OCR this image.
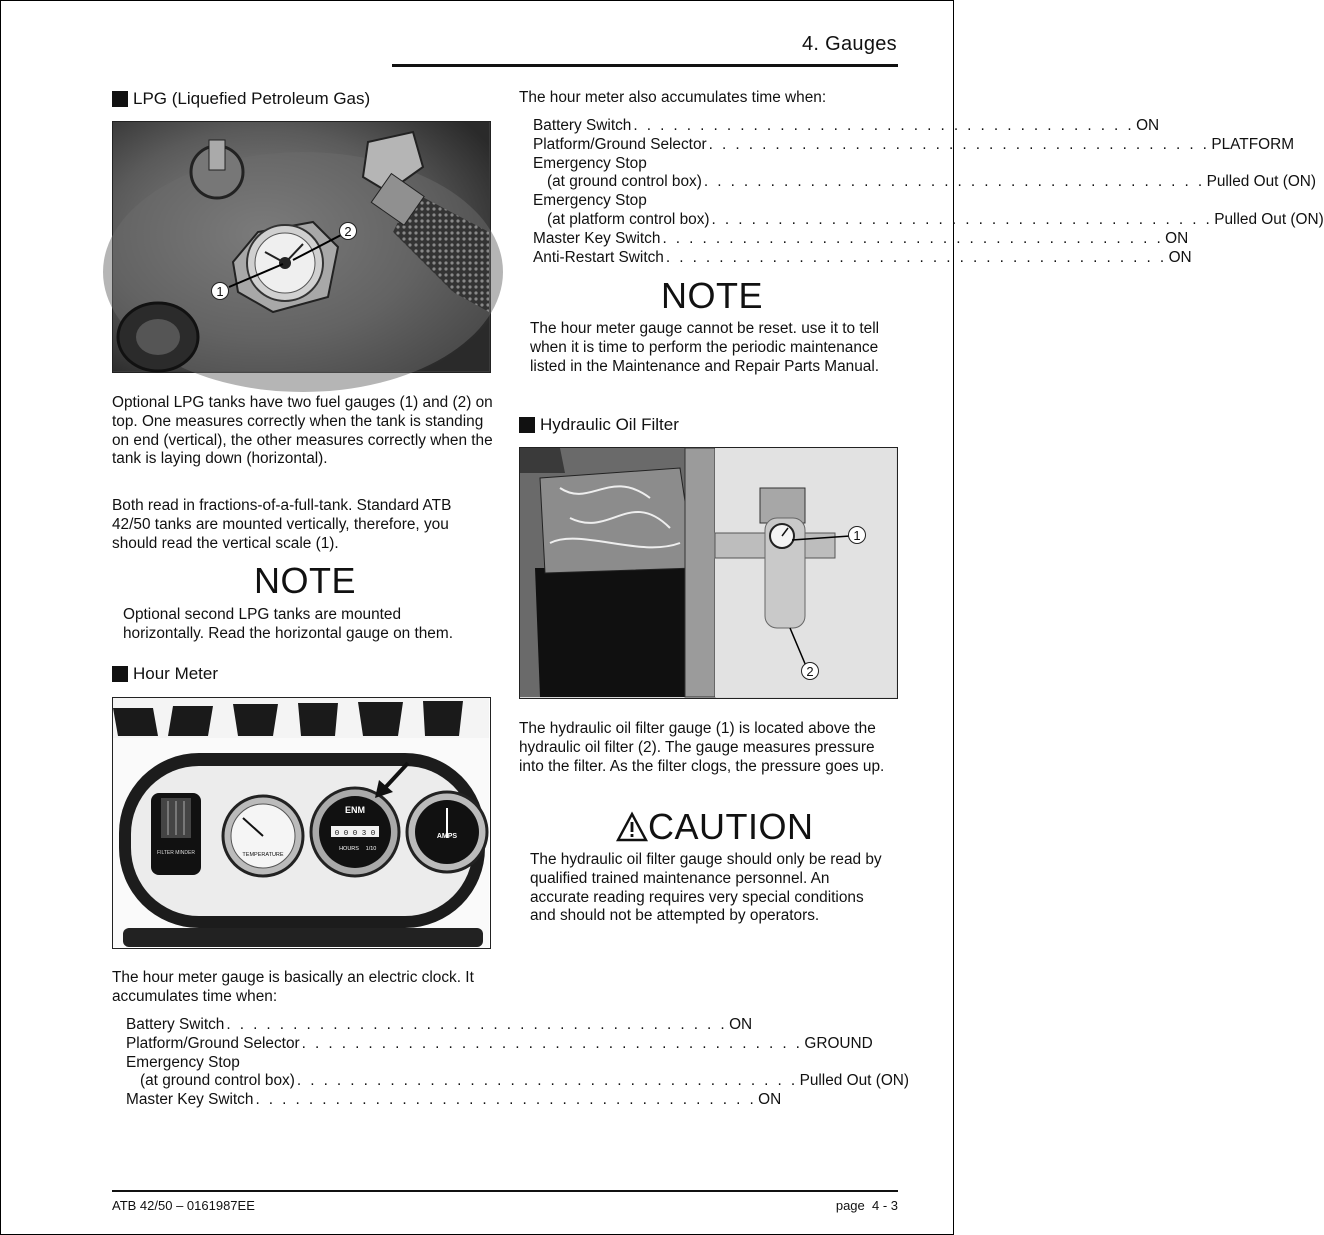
4. Gauges
LPG (Liquefied Petroleum Gas)
1
2
Optional LPG tanks have two fuel gauges (1) and (2) on top. One measures correctly when the tank is standing on end (vertical), the other measures correctly when the tank is laying down (horizontal).
Both read in fractions-of-a-full-tank. Standard ATB 42/50 tanks are mounted vertically, therefore, you should read the vertical scale (1).
NOTE
Optional second LPG tanks are mounted horizontally. Read the horizontal gauge on them.
Hour Meter
FILTER MINDER	TEMPERATURE
ENM
0 0 0 3 0
HOURS 1/10
AMPS
The hour meter gauge is basically an electric clock. It accumulates time when:
Battery Switch . . . . . . . . . . . . . . . . . . . . . . . . . . . . . . . . . . . . . . ON
Platform/Ground Selector . . . . . . . . . . . . . . . . . . . . . . . . . . . . . . . . . . . . . . GROUND
Emergency Stop
(at ground control box) . . . . . . . . . . . . . . . . . . . . . . . . . . . . . . . . . . . . . . Pulled Out (ON)
Master Key Switch . . . . . . . . . . . . . . . . . . . . . . . . . . . . . . . . . . . . . . ON
The hour meter also accumulates time when:
Battery Switch . . . . . . . . . . . . . . . . . . . . . . . . . . . . . . . . . . . . . . ON
Platform/Ground Selector . . . . . . . . . . . . . . . . . . . . . . . . . . . . . . . . . . . . . . PLATFORM
Emergency Stop
(at ground control box) . . . . . . . . . . . . . . . . . . . . . . . . . . . . . . . . . . . . . . Pulled Out (ON)
Emergency Stop
(at platform control box) . . . . . . . . . . . . . . . . . . . . . . . . . . . . . . . . . . . . . . Pulled Out (ON)
Master Key Switch . . . . . . . . . . . . . . . . . . . . . . . . . . . . . . . . . . . . . . ON
Anti-Restart Switch . . . . . . . . . . . . . . . . . . . . . . . . . . . . . . . . . . . . . . ON
NOTE
The hour meter gauge cannot be reset. use it to tell when it is time to perform the periodic maintenance listed in the Maintenance and Repair Parts Manual.
Hydraulic Oil Filter
1
2
The hydraulic oil filter gauge (1) is located above the hydraulic oil filter (2). The gauge measures pressure into the filter. As the filter clogs, the pressure goes up.
CAUTION
The hydraulic oil filter gauge should only be read by qualified trained maintenance personnel. An accurate reading requires very special conditions and should not be attempted by operators.
ATB 42/50 – 0161987EE	page  4 - 3
